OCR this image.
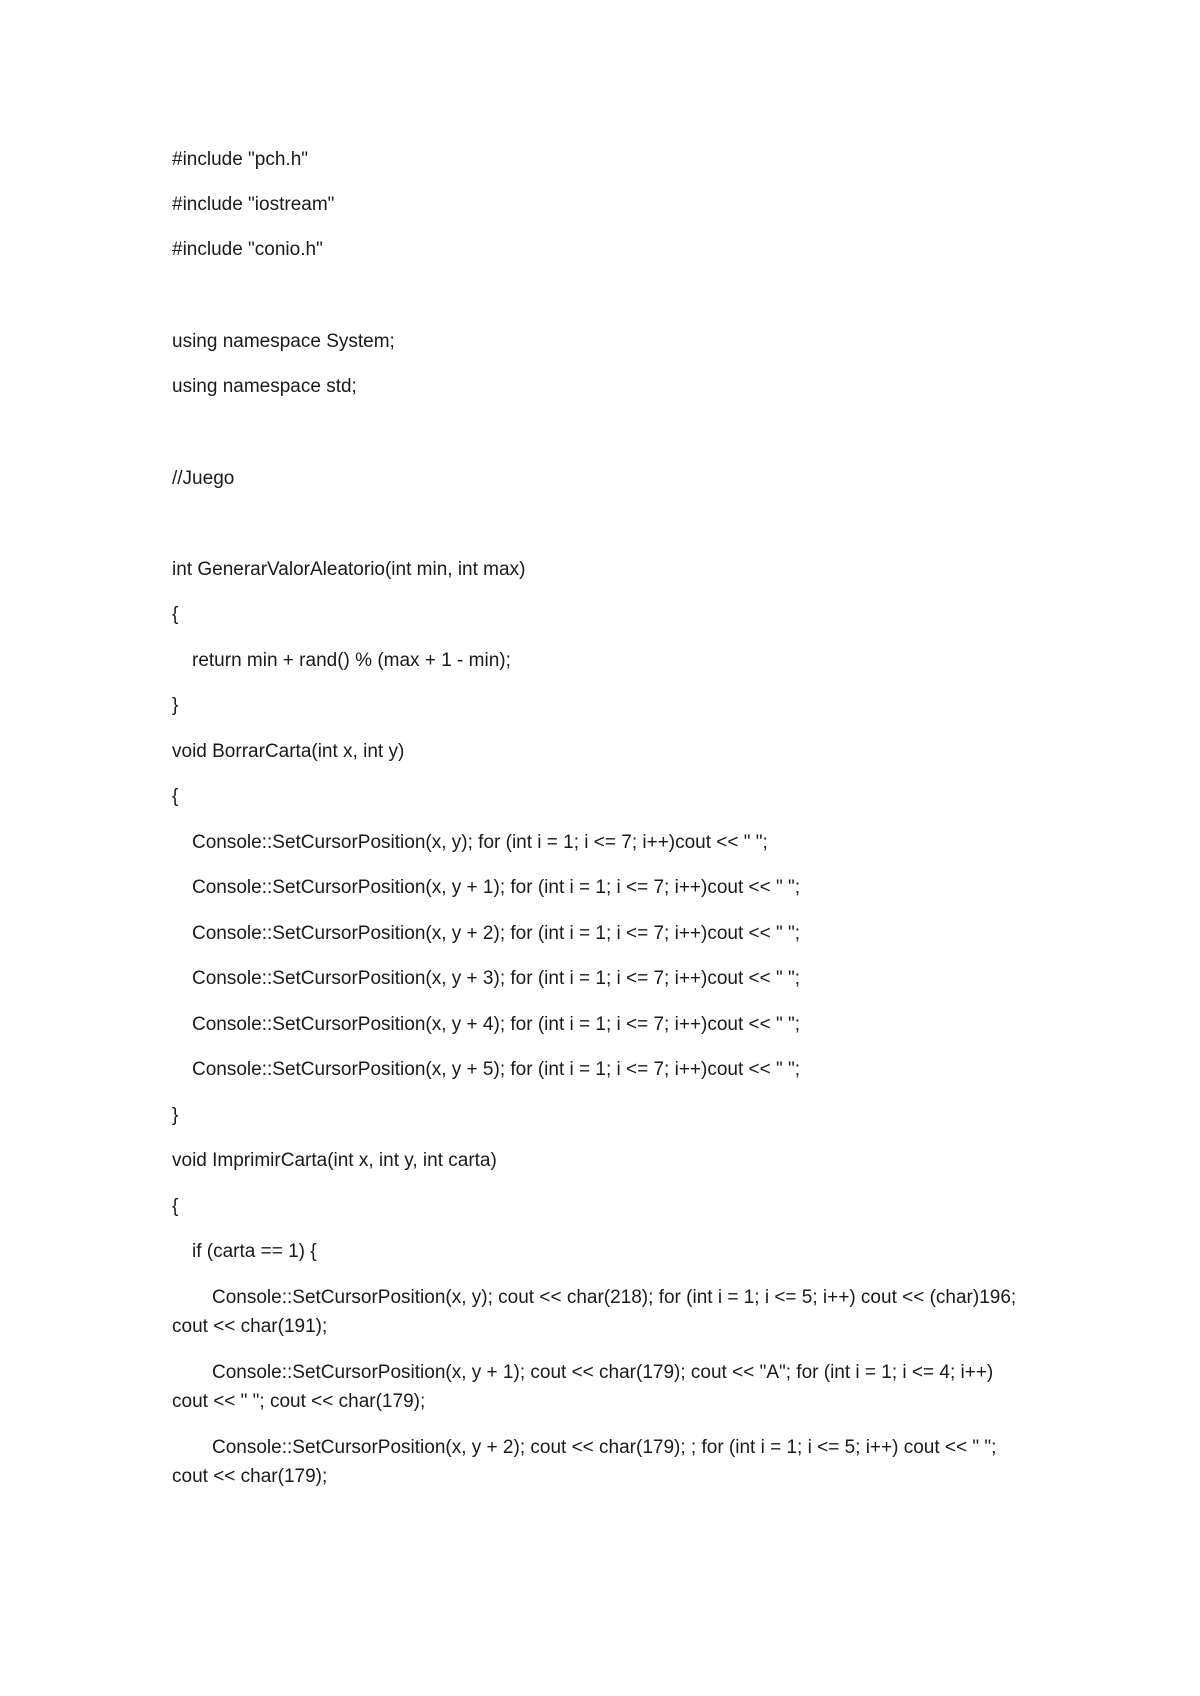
#include "pch.h"

#include "iostream"

#include "conio.h"

using namespace System;

using namespace std;

//Juego

int GenerarValorAleatorio(int min, int max)

{

return min + rand() % (max + 1 - min);

}

void BorrarCarta(int x, int y)

{

Console::SetCursorPosition(x, y); for (int i = 1; i <= 7; i++)cout << " ";

Console::SetCursorPosition(x, y + 1); for (int i = 1; i <= 7; i++)cout << " ";

Console::SetCursorPosition(x, y + 2); for (int i = 1; i <= 7; i++)cout << " ";

Console::SetCursorPosition(x, y + 3); for (int i = 1; i <= 7; i++)cout << " ";

Console::SetCursorPosition(x, y + 4); for (int i = 1; i <= 7; i++)cout << " ";

Console::SetCursorPosition(x, y + 5); for (int i = 1; i <= 7; i++)cout << " ";

}

void ImprimirCarta(int x, int y, int carta)

{

if (carta == 1) {

Console::SetCursorPosition(x, y); cout << char(218); for (int i = 1; i <= 5; i++) cout << (char)196; cout << char(191);

Console::SetCursorPosition(x, y + 1); cout << char(179); cout << "A"; for (int i = 1; i <= 4; i++) cout << " "; cout << char(179);

Console::SetCursorPosition(x, y + 2); cout << char(179); ; for (int i = 1; i <= 5; i++) cout << " "; cout << char(179);
